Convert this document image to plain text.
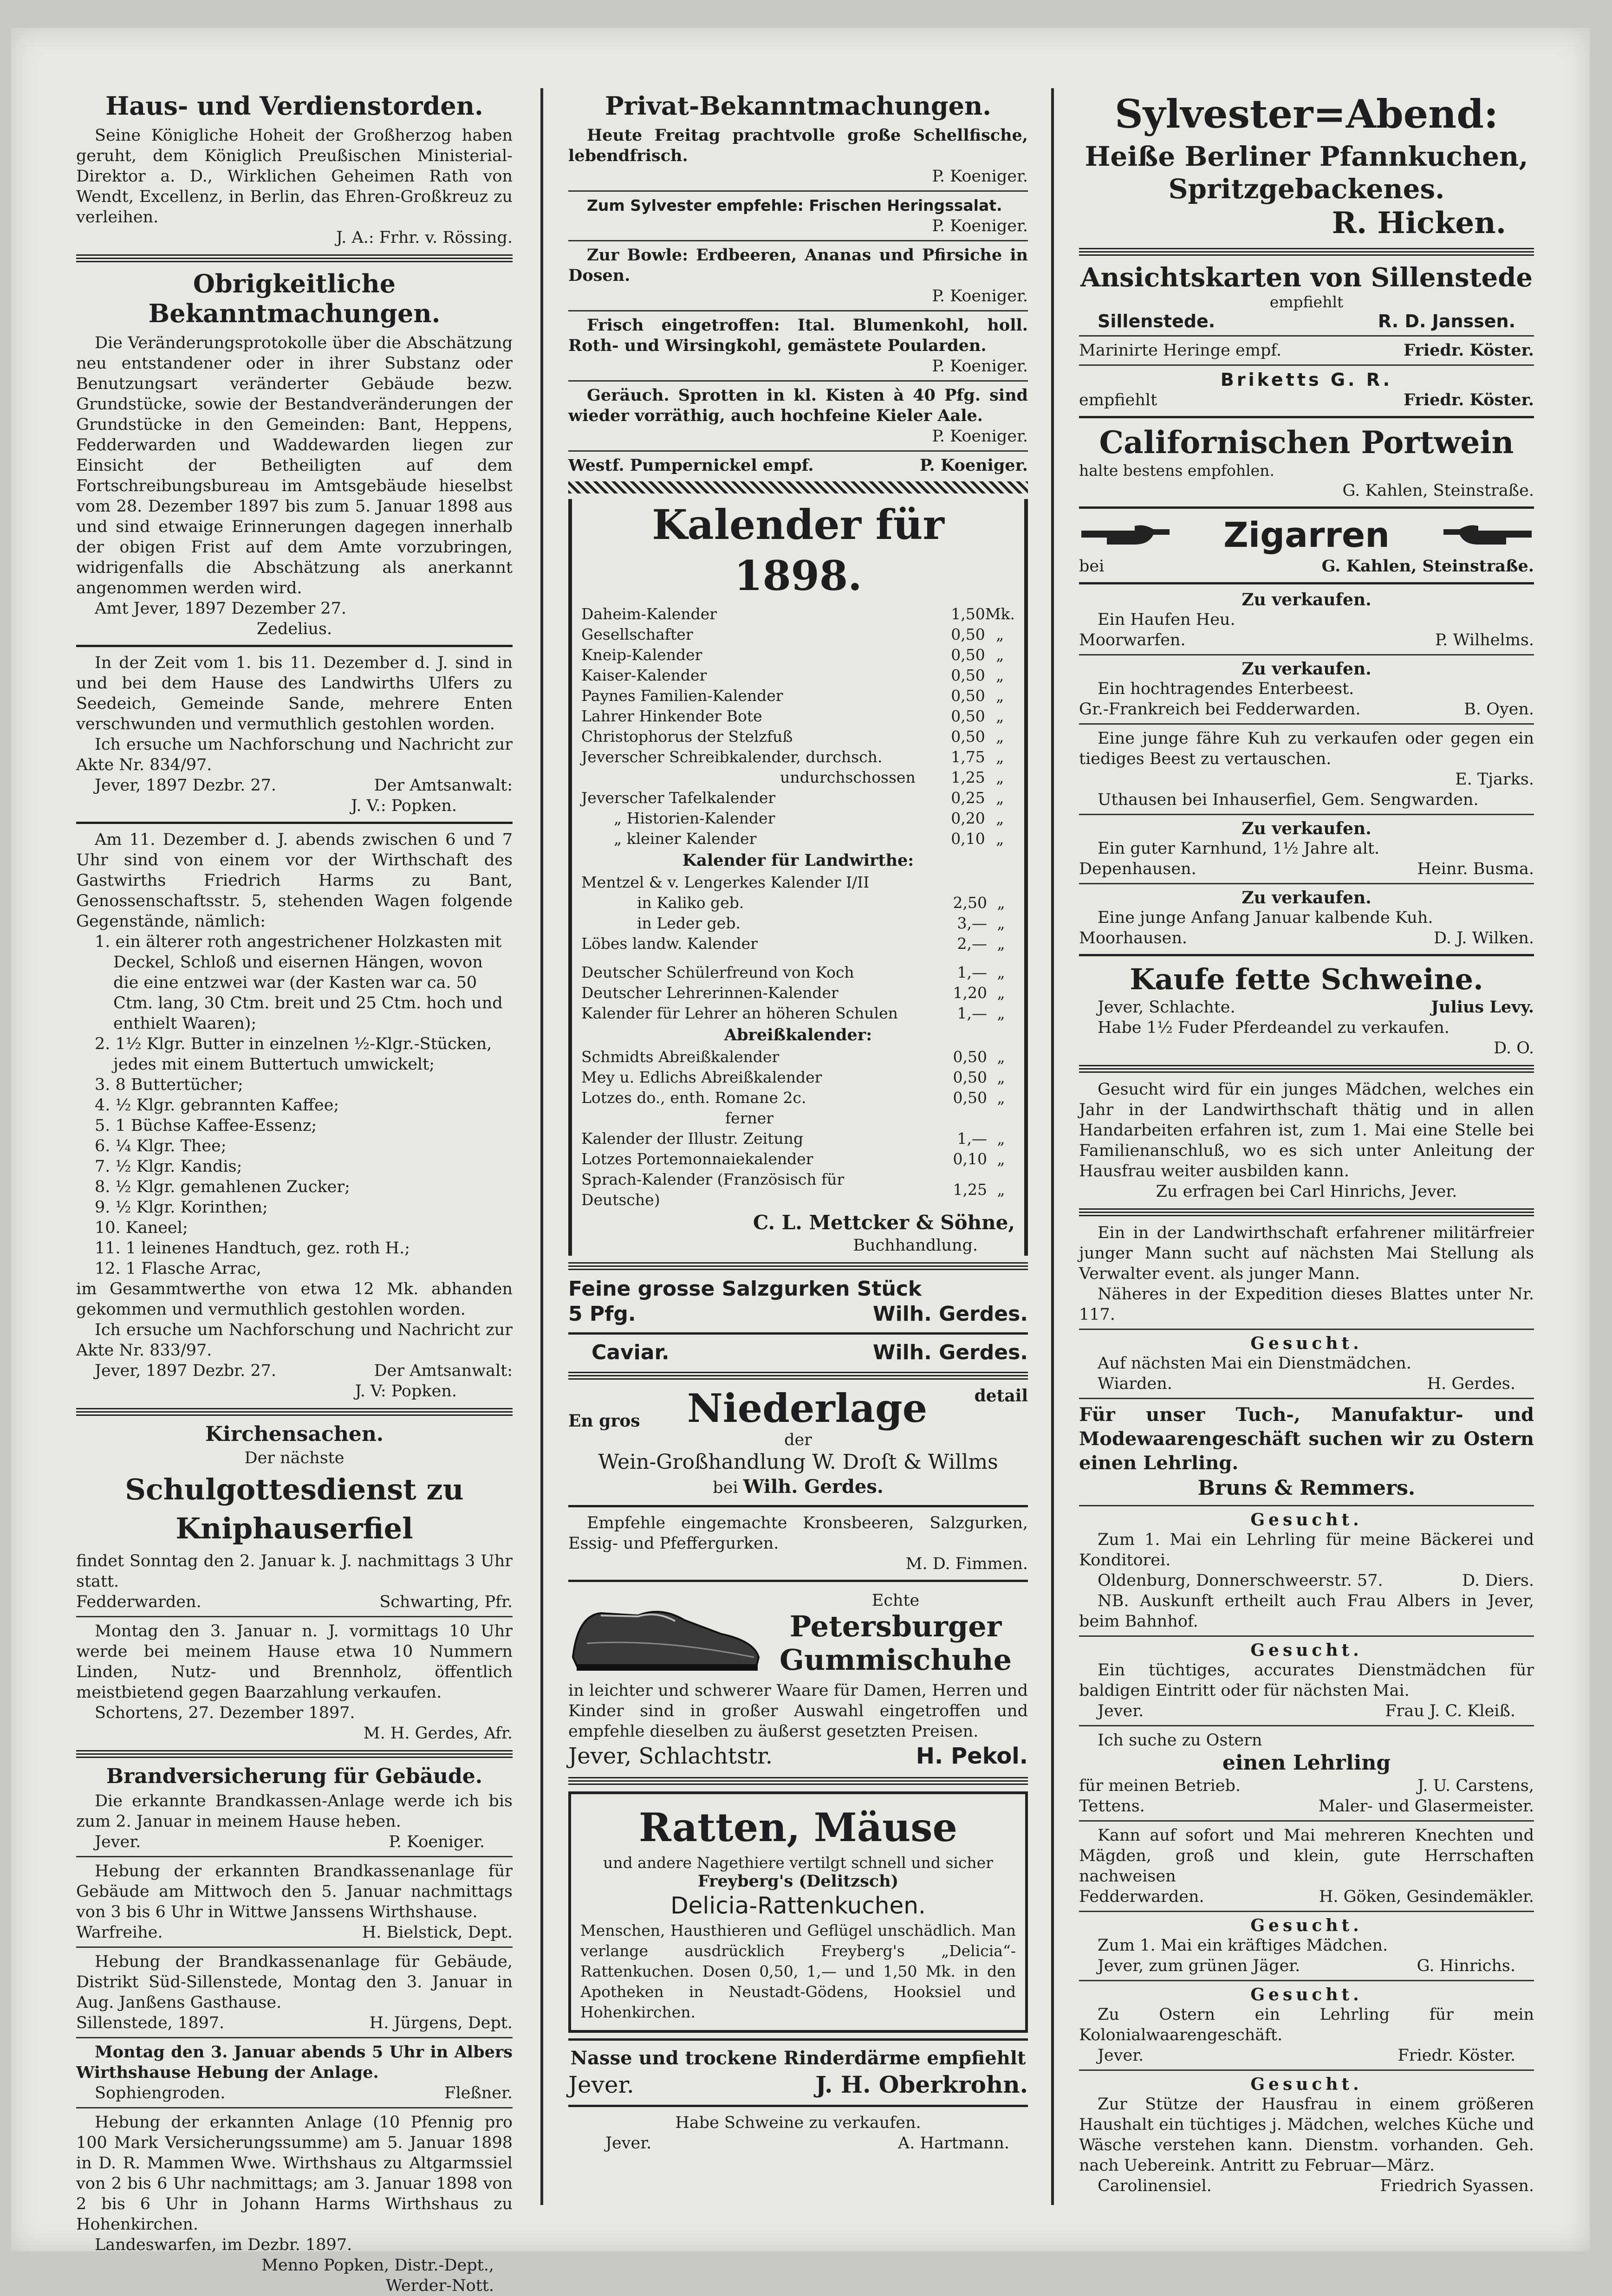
Haus- und Verdienstorden.

Seine Königliche Hoheit der Großherzog haben geruht, dem Königlich Preußischen Ministerial-Direktor a. D., Wirklichen Geheimen Rath von Wendt, Excellenz, in Berlin, das Ehren-Großkreuz zu verleihen.

J. A.: Frhr. v. Rössing.
Obrigkeitliche Bekanntmachungen.

Die Veränderungsprotokolle über die Abschätzung neu entstandener oder in ihrer Substanz oder Benutzungsart veränderter Gebäude bezw. Grundstücke, sowie der Bestandveränderungen der Grundstücke in den Gemeinden: Bant, Heppens, Fedderwarden und Waddewarden liegen zur Einsicht der Betheiligten auf dem Fortschreibungsbureau im Amtsgebäude hieselbst vom 28. Dezember 1897 bis zum 5. Januar 1898 aus und sind etwaige Erinnerungen dagegen innerhalb der obigen Frist auf dem Amte vorzubringen, widrigenfalls die Abschätzung als anerkannt angenommen werden wird.

Amt Jever, 1897 Dezember 27.

Zedelius.

In der Zeit vom 1. bis 11. Dezember d. J. sind in und bei dem Hause des Landwirths Ulfers zu Seedeich, Gemeinde Sande, mehrere Enten verschwunden und vermuthlich gestohlen worden.

Ich ersuche um Nachforschung und Nachricht zur Akte Nr. 834/97.

Jever, 1897 Dezbr. 27.	Der Amtsanwalt:
J. V.: Popken.

Am 11. Dezember d. J. abends zwischen 6 und 7 Uhr sind von einem vor der Wirthschaft des Gastwirths Friedrich Harms zu Bant, Genossenschaftsstr. 5, stehenden Wagen folgende Gegenstände, nämlich:

1. ein älterer roth angestrichener Holzkasten mit Deckel, Schloß und eisernen Hängen, wovon die eine entzwei war (der Kasten war ca. 50 Ctm. lang, 30 Ctm. breit und 25 Ctm. hoch und enthielt Waaren);
2. 1½ Klgr. Butter in einzelnen ½-Klgr.-Stücken, jedes mit einem Buttertuch umwickelt;
3. 8 Buttertücher;
4. ½ Klgr. gebrannten Kaffee;
5. 1 Büchse Kaffee-Essenz;
6. ¼ Klgr. Thee;
7. ½ Klgr. Kandis;
8. ½ Klgr. gemahlenen Zucker;
9. ½ Klgr. Korinthen;
10. Kaneel;
11. 1 leinenes Handtuch, gez. roth H.;
12. 1 Flasche Arrac,

im Gesammtwerthe von etwa 12 Mk. abhanden gekommen und vermuthlich gestohlen worden.

Ich ersuche um Nachforschung und Nachricht zur Akte Nr. 833/97.

Jever, 1897 Dezbr. 27.	Der Amtsanwalt:
J. V: Popken.
Kirchensachen.
Der nächste
Schulgottesdienst zu Kniphauserfiel

findet Sonntag den 2. Januar k. J. nachmittags 3 Uhr statt.

Fedderwarden.	Schwarting, Pfr.

Montag den 3. Januar n. J. vormittags 10 Uhr werde bei meinem Hause etwa 10 Nummern Linden, Nutz- und Brennholz, öffentlich meistbietend gegen Baarzahlung verkaufen.

Schortens, 27. Dezember 1897.

M. H. Gerdes, Afr.
Brandversicherung für Gebäude.

Die erkannte Brandkassen-Anlage werde ich bis zum 2. Januar in meinem Hause heben.

Jever.	P. Koeniger.

Hebung der erkannten Brandkassenanlage für Gebäude am Mittwoch den 5. Januar nachmittags von 3 bis 6 Uhr in Wittwe Janssens Wirthshause.

Warfreihe.	H. Bielstick, Dept.

Hebung der Brandkassenanlage für Gebäude, Distrikt Süd-Sillenstede, Montag den 3. Januar in Aug. Janßens Gasthause.

Sillenstede, 1897.	H. Jürgens, Dept.

Montag den 3. Januar abends 5 Uhr in Albers Wirthshause Hebung der Anlage.

Sophiengroden.	Fleßner.

Hebung der erkannten Anlage (10 Pfennig pro 100 Mark Versicherungssumme) am 5. Januar 1898 in D. R. Mammen Wwe. Wirthshaus zu Altgarmssiel von 2 bis 6 Uhr nachmittags; am 3. Januar 1898 von 2 bis 6 Uhr in Johann Harms Wirthshaus zu Hohenkirchen.

Landeswarfen, im Dezbr. 1897.

Menno Popken, Distr.-Dept.,
Werder-Nott.
Privat-Bekanntmachungen.

Heute Freitag prachtvolle große Schellfische, lebendfrisch.

P. Koeniger.

Zum Sylvester empfehle: Frischen Heringssalat.

P. Koeniger.

Zur Bowle: Erdbeeren, Ananas und Pfirsiche in Dosen.

P. Koeniger.

Frisch eingetroffen: Ital. Blumenkohl, holl. Roth- und Wirsingkohl, gemästete Poularden.

P. Koeniger.

Geräuch. Sprotten in kl. Kisten à 40 Pfg. sind wieder vorräthig, auch hochfeine Kieler Aale.

P. Koeniger.
Westf. Pumpernickel empf.	P. Koeniger.
Kalender für 1898.
Daheim-Kalender	1,50	Mk.
Gesellschafter	0,50	„
Kneip-Kalender	0,50	„
Kaiser-Kalender	0,50	„
Paynes Familien-Kalender	0,50	„
Lahrer Hinkender Bote	0,50	„
Christophorus der Stelzfuß	0,50	„
Jeverscher Schreibkalender, durchsch.	1,75	„
undurchschossen	1,25	„
Jeverscher Tafelkalender	0,25	„
„ Historien-Kalender	0,20	„
„ kleiner Kalender	0,10	„
Kalender für Landwirthe:
Mentzel & v. Lengerkes Kalender I/II		
in Kaliko geb.	2,50	„
in Leder geb.	3,—	„
Löbes landw. Kalender	2,—	„
Deutscher Schülerfreund von Koch	1,—	„
Deutscher Lehrerinnen-Kalender	1,20	„
Kalender für Lehrer an höheren Schulen	1,—	„
Abreißkalender:
Schmidts Abreißkalender	0,50	„
Mey u. Edlichs Abreißkalender	0,50	„
Lotzes do., enth. Romane 2c.	0,50	„
ferner		
Kalender der Illustr. Zeitung	1,—	„
Lotzes Portemonnaiekalender	0,10	„
Sprach-Kalender (Französisch für Deutsche)	1,25	„
C. L. Mettcker & Söhne,
Buchhandlung.
Feine grosse Salzgurken Stück
5 Pfg.	Wilh. Gerdes.
Caviar.	Wilh. Gerdes.
En gros Niederlage	detail
der
Wein-Großhandlung W. Droſt & Willms
bei Wilh. Gerdes.

Empfehle eingemachte Kronsbeeren, Salzgurken, Essig- und Pfeffergurken.

M. D. Fimmen.
Echte
Petersburger
Gummischuhe

in leichter und schwerer Waare für Damen, Herren und Kinder sind in großer Auswahl eingetroffen und empfehle dieselben zu äußerst gesetzten Preisen.

Jever, Schlachtstr.	H. Pekol.
Ratten, Mäuse
und andere Nagethiere vertilgt schnell und sicher
Freyberg's (Delitzsch)
Delicia-Rattenkuchen.

Menschen, Hausthieren und Geflügel unschädlich. Man verlange ausdrücklich Freyberg's „Delicia“-Rattenkuchen. Dosen 0,50, 1,— und 1,50 Mk. in den Apotheken in Neustadt-Gödens, Hooksiel und Hohenkirchen.

Nasse und trockene Rinderdärme empfiehlt
Jever.	J. H. Oberkrohn.
Habe Schweine zu verkaufen.
Jever.	A. Hartmann.
Sylvester=Abend:
Heiße Berliner Pfannkuchen,
Spritzgebackenes.
R. Hicken.
Ansichtskarten von Sillenstede
empfiehlt
Sillenstede.	R. D. Janssen.
Marinirte Heringe empf.	Friedr. Köster.
Briketts G. R.
empfiehlt	Friedr. Köster.
Californischen Portwein
halte bestens empfohlen.
G. Kahlen, Steinstraße.
Zigarren
bei	G. Kahlen, Steinstraße.
Zu verkaufen.

Ein Haufen Heu.

Moorwarfen.	P. Wilhelms.
Zu verkaufen.

Ein hochtragendes Enterbeest.

Gr.-Frankreich bei Fedderwarden.	B. Oyen.

Eine junge fähre Kuh zu verkaufen oder gegen ein tiediges Beest zu vertauschen.

E. Tjarks.

Uthausen bei Inhauserfiel, Gem. Sengwarden.

Zu verkaufen.

Ein guter Karnhund, 1½ Jahre alt.

Depenhausen.	Heinr. Busma.
Zu verkaufen.

Eine junge Anfang Januar kalbende Kuh.

Moorhausen.	D. J. Wilken.
Kaufe fette Schweine.
Jever, Schlachte.	Julius Levy.

Habe 1½ Fuder Pferdeandel zu verkaufen.

D. O.

Gesucht wird für ein junges Mädchen, welches ein Jahr in der Landwirthschaft thätig und in allen Handarbeiten erfahren ist, zum 1. Mai eine Stelle bei Familienanschluß, wo es sich unter Anleitung der Hausfrau weiter ausbilden kann.

Zu erfragen bei Carl Hinrichs, Jever.

Ein in der Landwirthschaft erfahrener militärfreier junger Mann sucht auf nächsten Mai Stellung als Verwalter event. als junger Mann.

Näheres in der Expedition dieses Blattes unter Nr. 117.

Gesucht.

Auf nächsten Mai ein Dienstmädchen.

Wiarden.	H. Gerdes.

Für unser Tuch-, Manufaktur- und Modewaarengeschäft suchen wir zu Ostern einen Lehrling.

Bruns & Remmers.
Gesucht.

Zum 1. Mai ein Lehrling für meine Bäckerei und Konditorei.

Oldenburg, Donnerschweerstr. 57.	D. Diers.

NB. Auskunft ertheilt auch Frau Albers in Jever, beim Bahnhof.

Gesucht.

Ein tüchtiges, accurates Dienstmädchen für baldigen Eintritt oder für nächsten Mai.

Jever.	Frau J. C. Kleiß.

Ich suche zu Ostern

einen Lehrling
für meinen Betrieb.	J. U. Carstens,
Tettens.	Maler- und Glasermeister.

Kann auf sofort und Mai mehreren Knechten und Mägden, groß und klein, gute Herrschaften nachweisen

Fedderwarden.	H. Göken, Gesindemäkler.
Gesucht.

Zum 1. Mai ein kräftiges Mädchen.

Jever, zum grünen Jäger.	G. Hinrichs.
Gesucht.

Zu Ostern ein Lehrling für mein Kolonialwaarengeschäft.

Jever.	Friedr. Köster.
Gesucht.

Zur Stütze der Hausfrau in einem größeren Haushalt ein tüchtiges j. Mädchen, welches Küche und Wäsche verstehen kann. Dienstm. vorhanden. Geh. nach Uebereink. Antritt zu Februar—März.

Carolinensiel.	Friedrich Syassen.
